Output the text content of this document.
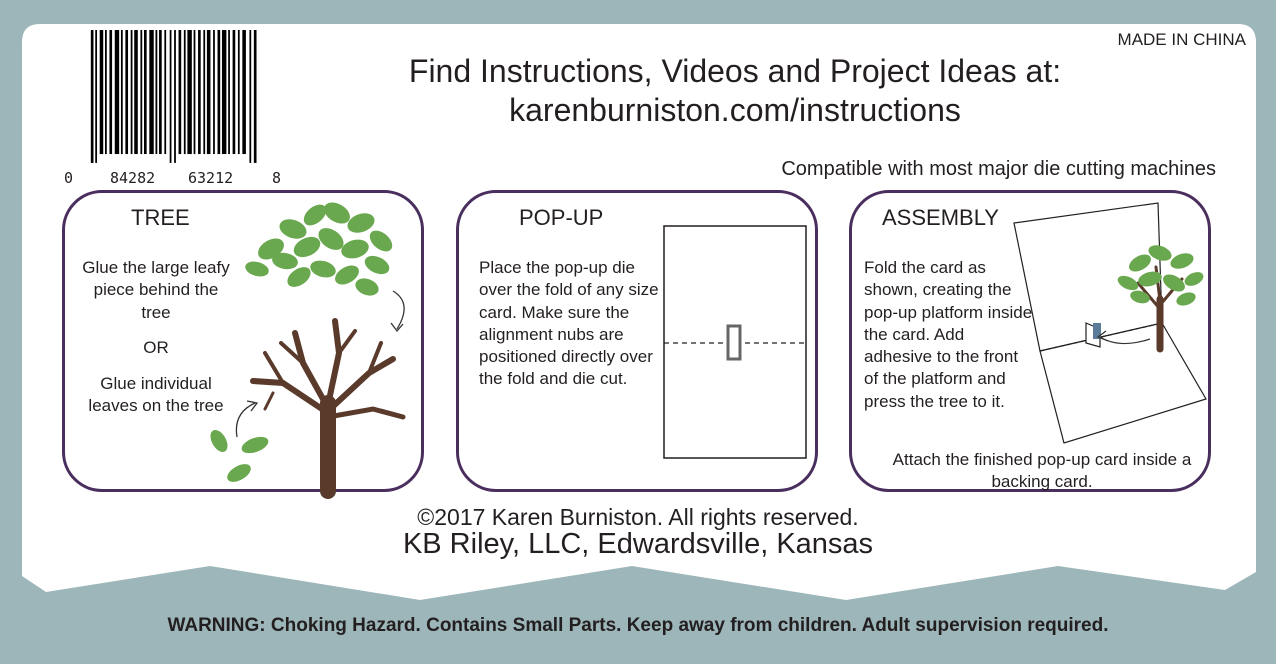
MADE IN CHINA
0 84282 63212	8
Find Instructions, Videos and Project Ideas at:
karenburniston.com/instructions
Compatible with most major die cutting machines
TREE
Glue the large leafy piece behind the tree
OR
Glue individual leaves on the tree
POP-UP
Place the pop-up die over the fold of any size card. Make sure the alignment nubs are positioned directly over the fold and die cut.
ASSEMBLY
Fold the card as shown, creating the pop-up platform inside the card. Add adhesive to the front of the platform and press the tree to it.
Attach the finished pop-up card inside a backing card.
©2017 Karen Burniston. All rights reserved.
KB Riley, LLC, Edwardsville, Kansas
WARNING: Choking Hazard. Contains Small Parts. Keep away from children. Adult supervision required.
